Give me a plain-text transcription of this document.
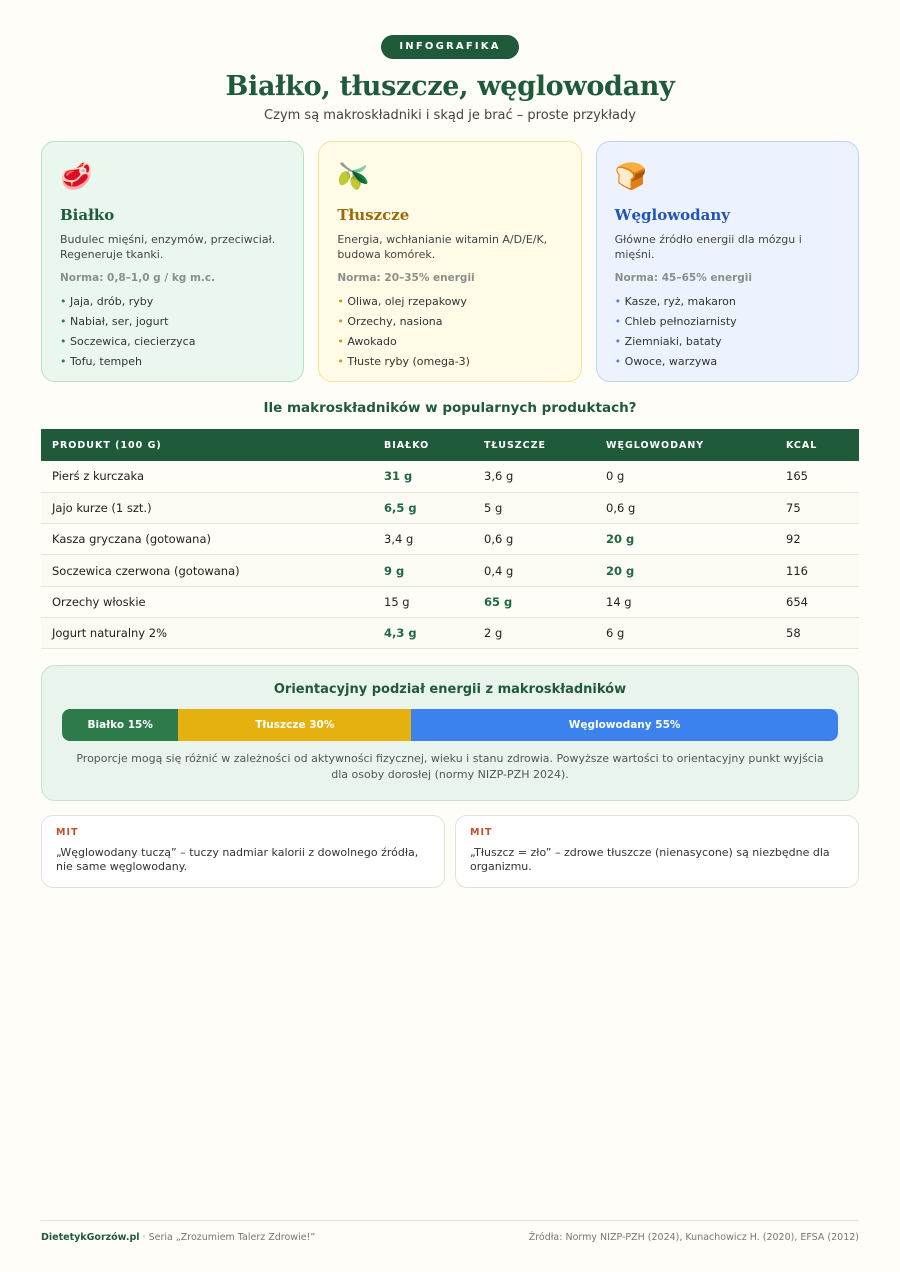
INFOGRAFIKA
Białko, tłuszcze, węglowodany

Czym są makroskładniki i skąd je brać – proste przykłady

🥩
Białko
Budulec mięśni, enzymów, przeciwciał. Regeneruje tkanki.
Norma: 0,8–1,0 g / kg m.c.
• Jaja, drób, ryby
• Nabiał, ser, jogurt
• Soczewica, ciecierzyca
• Tofu, tempeh
🫒
Tłuszcze
Energia, wchłanianie witamin A/D/E/K, budowa komórek.
Norma: 20–35% energii
• Oliwa, olej rzepakowy
• Orzechy, nasiona
• Awokado
• Tłuste ryby (omega-3)
🍞
Węglowodany
Główne źródło energii dla mózgu i mięśni.
Norma: 45–65% energii
• Kasze, ryż, makaron
• Chleb pełnoziarnisty
• Ziemniaki, bataty
• Owoce, warzywa
Ile makroskładników w popularnych produktach?
PRODUKT (100 G)	BIAŁKO	TŁUSZCZE	WĘGLOWODANY	KCAL
Pierś z kurczaka	31 g	3,6 g	0 g	165
Jajo kurze (1 szt.)	6,5 g	5 g	0,6 g	75
Kasza gryczana (gotowana)	3,4 g	0,6 g	20 g	92
Soczewica czerwona (gotowana)	9 g	0,4 g	20 g	116
Orzechy włoskie	15 g	65 g	14 g	654
Jogurt naturalny 2%	4,3 g	2 g	6 g	58
Orientacyjny podział energii z makroskładników
Białko 15%	Tłuszcze 30%	Węglowodany 55%

Proporcje mogą się różnić w zależności od aktywności fizycznej, wieku i stanu zdrowia. Powyższe wartości to orientacyjny punkt wyjścia dla osoby dorosłej (normy NIZP-PZH 2024).

MIT
„Węglowodany tuczą” – tuczy nadmiar kalorii z dowolnego źródła, nie same węglowodany.
MIT
„Tłuszcz = zło” – zdrowe tłuszcze (nienasycone) są niezbędne dla organizmu.
DietetykGorzów.pl · Seria „Zrozumiem Talerz Zdrowie!”	Źródła: Normy NIZP-PZH (2024), Kunachowicz H. (2020), EFSA (2012)
